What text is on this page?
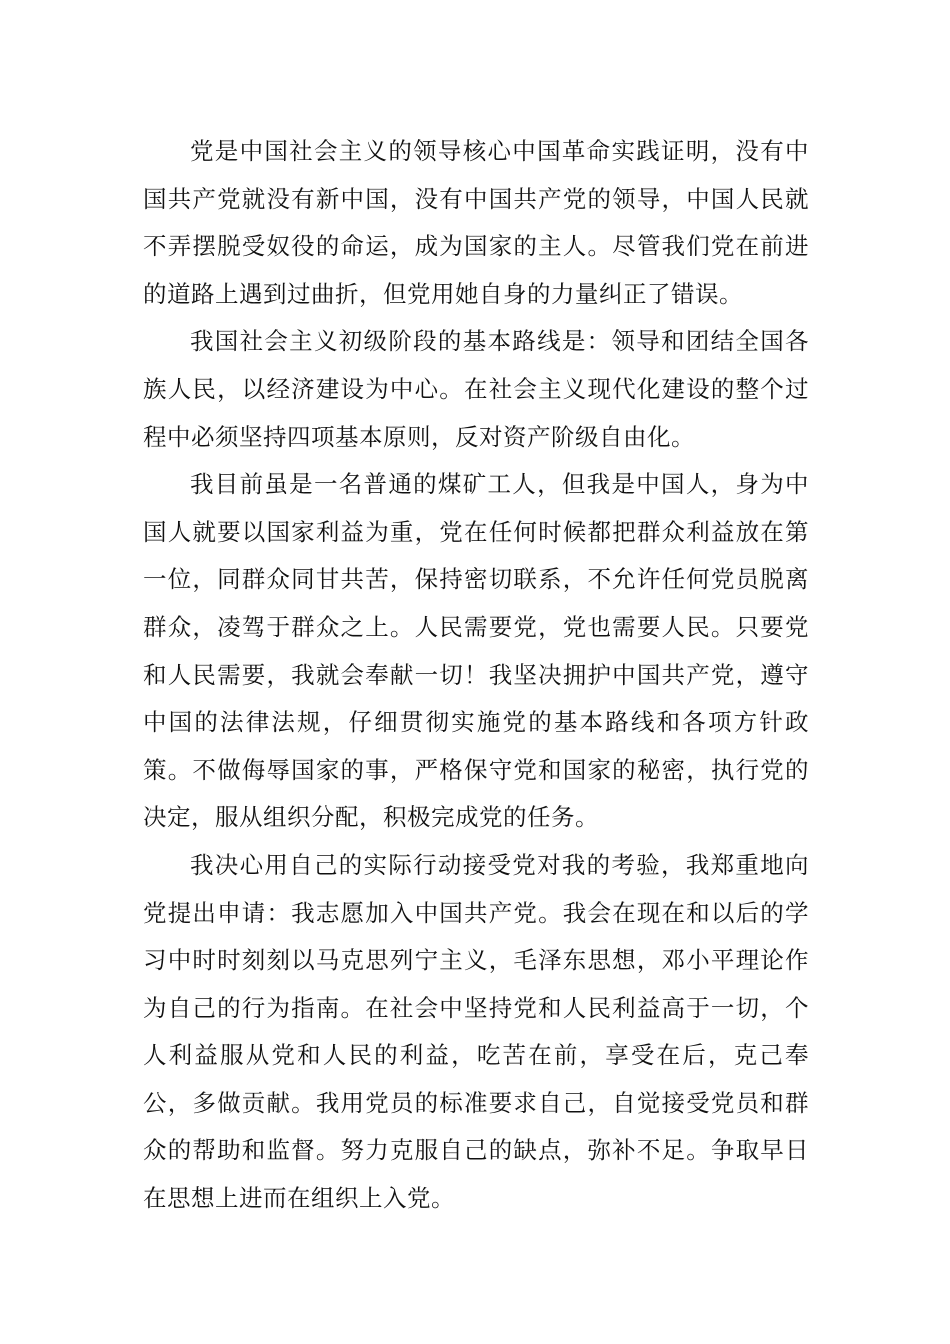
党是中国社会主义的领导核心中国革命实践证明，没有中国共产党就没有新中国，没有中国共产党的领导，中国人民就不弄摆脱受奴役的命运，成为国家的主人。尽管我们党在前进的道路上遇到过曲折，但党用她自身的力量纠正了错误。

我国社会主义初级阶段的基本路线是：领导和团结全国各族人民，以经济建设为中心。在社会主义现代化建设的整个过程中必须坚持四项基本原则，反对资产阶级自由化。

我目前虽是一名普通的煤矿工人，但我是中国人，身为中国人就要以国家利益为重，党在任何时候都把群众利益放在第一位，同群众同甘共苦，保持密切联系，不允许任何党员脱离群众，凌驾于群众之上。人民需要党，党也需要人民。只要党和人民需要，我就会奉献一切！我坚决拥护中国共产党，遵守中国的法律法规，仔细贯彻实施党的基本路线和各项方针政策。不做侮辱国家的事，严格保守党和国家的秘密，执行党的决定，服从组织分配，积极完成党的任务。

我决心用自己的实际行动接受党对我的考验，我郑重地向党提出申请：我志愿加入中国共产党。我会在现在和以后的学习中时时刻刻以马克思列宁主义，毛泽东思想，邓小平理论作为自己的行为指南。在社会中坚持党和人民利益高于一切，个人利益服从党和人民的利益，吃苦在前，享受在后，克己奉公，多做贡献。我用党员的标准要求自己，自觉接受党员和群众的帮助和监督。努力克服自己的缺点，弥补不足。争取早日在思想上进而在组织上入党。
